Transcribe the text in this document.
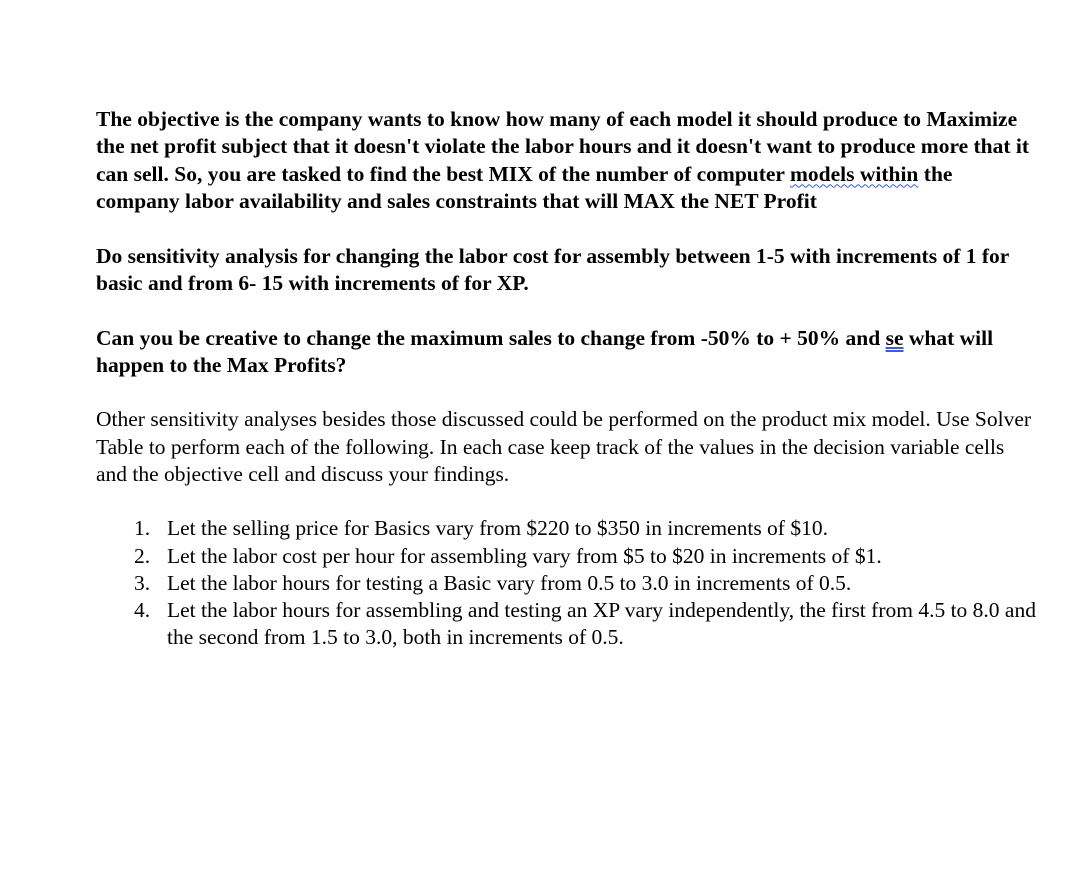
The objective is the company wants to know how many of each model it should produce to Maximize the net profit subject that it doesn't violate the labor hours and it doesn't want to produce more that it can sell. So, you are tasked to find the best MIX of the number of computer models within the company labor availability and sales constraints that will MAX the NET Profit

Do sensitivity analysis for changing the labor cost for assembly between 1-5 with increments of 1 for basic and from 6- 15 with increments of for XP.

Can you be creative to change the maximum sales to change from -50% to + 50% and se what will happen to the Max Profits?

Other sensitivity analyses besides those discussed could be performed on the product mix model. Use Solver Table to perform each of the following. In each case keep track of the values in the decision variable cells and the objective cell and discuss your findings.

1. Let the selling price for Basics vary from $220 to $350 in increments of $10.
2. Let the labor cost per hour for assembling vary from $5 to $20 in increments of $1.
3. Let the labor hours for testing a Basic vary from 0.5 to 3.0 in increments of 0.5.
4. Let the labor hours for assembling and testing an XP vary independently, the first from 4.5 to 8.0 and the second from 1.5 to 3.0, both in increments of 0.5.
